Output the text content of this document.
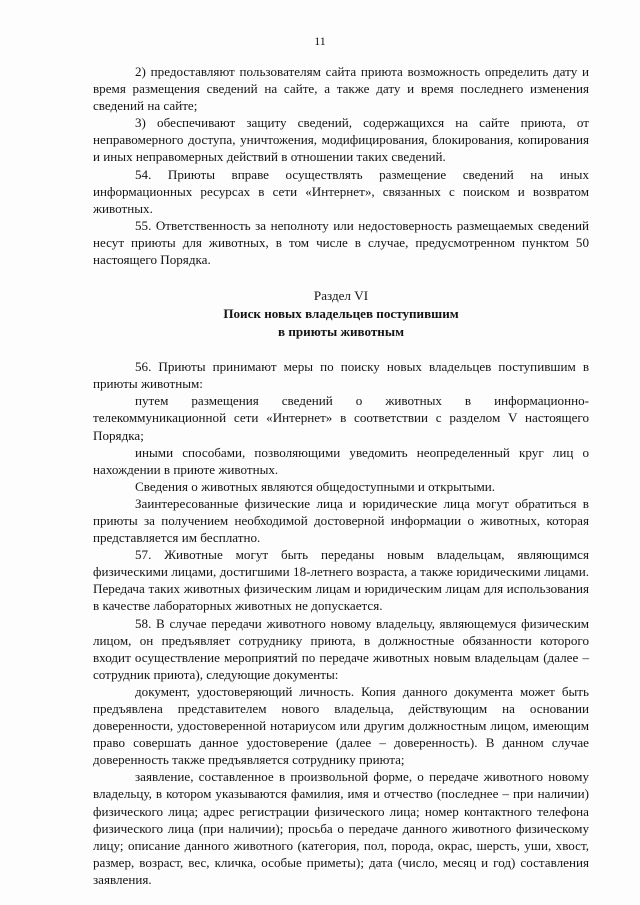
11

2) предоставляют пользователям сайта приюта возможность определить дату и время размещения сведений на сайте, а также дату и время последнего изменения сведений на сайте;

3) обеспечивают защиту сведений, содержащихся на сайте приюта, от неправомерного доступа, уничтожения, модифицирования, блокирования, копирования и иных неправомерных действий в отношении таких сведений.

54. Приюты вправе осуществлять размещение сведений на иных информационных ресурсах в сети «Интернет», связанных с поиском и возвратом животных.

55. Ответственность за неполноту или недостоверность размещаемых сведений несут приюты для животных, в том числе в случае, предусмотренном пунктом 50 настоящего Порядка.

Раздел VI
Поиск новых владельцев поступившим
в приюты животным

56. Приюты принимают меры по поиску новых владельцев поступившим в приюты животным:

путем размещения сведений о животных в информационно-телекоммуникационной сети «Интернет» в соответствии с разделом V настоящего Порядка;

иными способами, позволяющими уведомить неопределенный круг лиц о нахождении в приюте животных.

Сведения о животных являются общедоступными и открытыми.

Заинтересованные физические лица и юридические лица могут обратиться в приюты за получением необходимой достоверной информации о животных, которая представляется им бесплатно.

57. Животные могут быть переданы новым владельцам, являющимся физическими лицами, достигшими 18-летнего возраста, а также юридическими лицами. Передача таких животных физическим лицам и юридическим лицам для использования в качестве лабораторных животных не допускается.

58. В случае передачи животного новому владельцу, являющемуся физическим лицом, он предъявляет сотруднику приюта, в должностные обязанности которого входит осуществление мероприятий по передаче животных новым владельцам (далее – сотрудник приюта), следующие документы:

документ, удостоверяющий личность. Копия данного документа может быть предъявлена представителем нового владельца, действующим на основании доверенности, удостоверенной нотариусом или другим должностным лицом, имеющим право совершать данное удостоверение (далее – доверенность). В данном случае доверенность также предъявляется сотруднику приюта;

заявление, составленное в произвольной форме, о передаче животного новому владельцу, в котором указываются фамилия, имя и отчество (последнее – при наличии) физического лица; адрес регистрации физического лица; номер контактного телефона физического лица (при наличии); просьба о передаче данного животного физическому лицу; описание данного животного (категория, пол, порода, окрас, шерсть, уши, хвост, размер, возраст, вес, кличка, особые приметы); дата (число, месяц и год) составления заявления.
